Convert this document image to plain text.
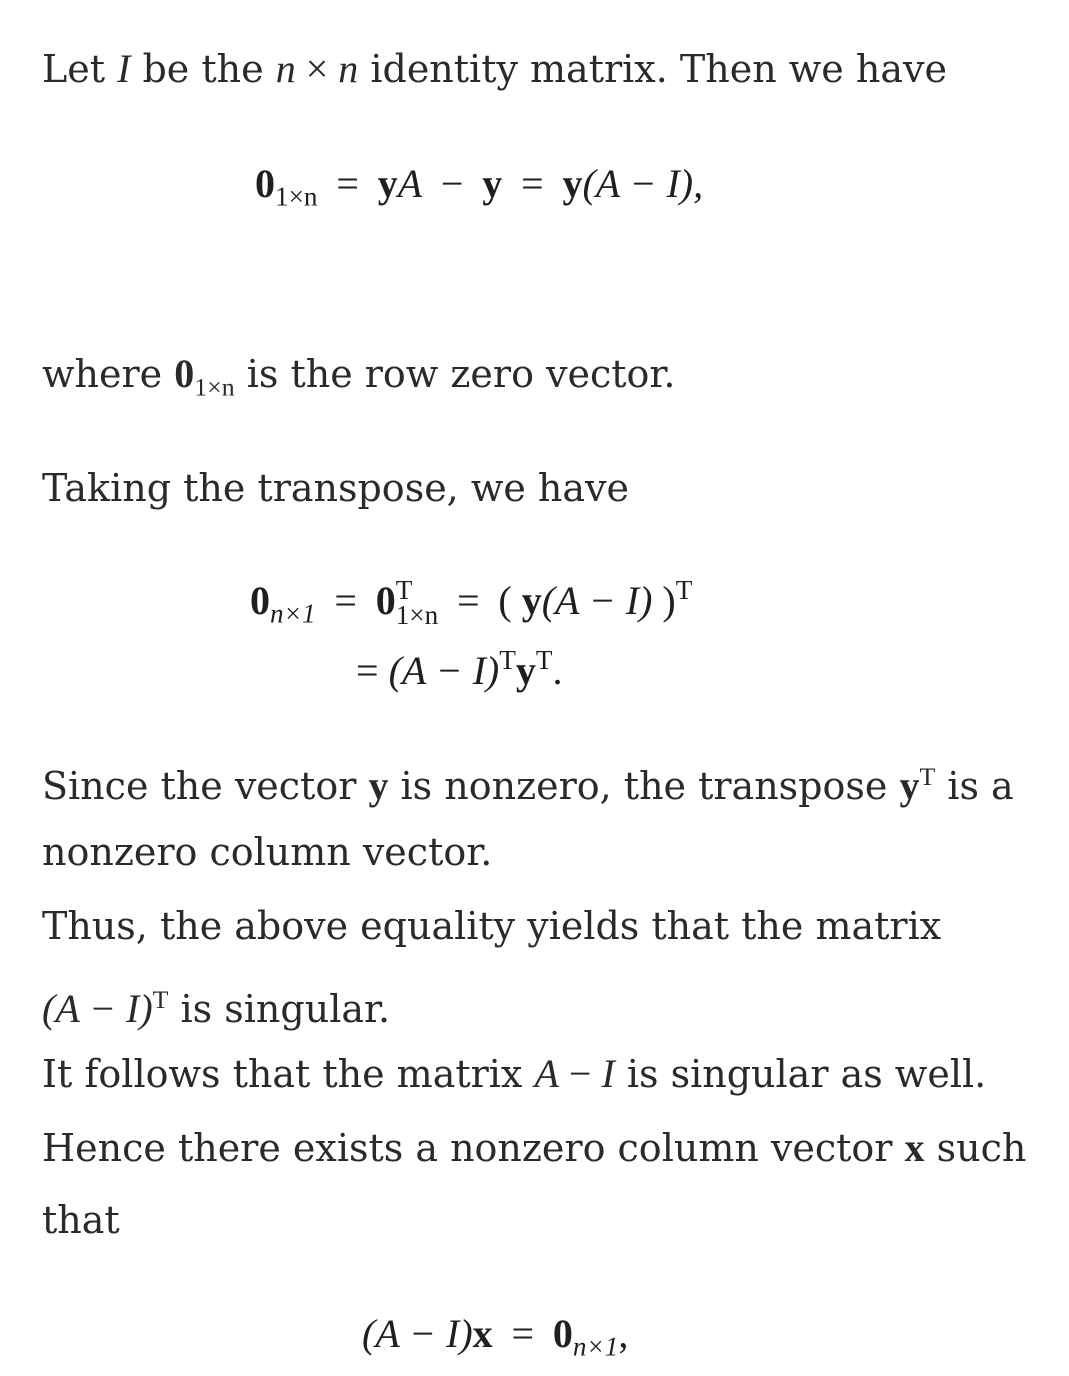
Let I be the n × n identity matrix. Then we have
$0_{1\times n}$ = yA − y = y(A − I),
where $0_{1\times n}$ is the row zero vector.
Taking the transpose, we have
$0_{n\times 1} = 0$ T
1×n = ( y(A − I) )$^T$
= $(A - I)^Ty^T$.
Since the vector y is nonzero, the transpose $y^T$ is a
nonzero column vector.
Thus, the above equality yields that the matrix
$(A - I)^T$ is singular.
It follows that the matrix A − I is singular as well.
Hence there exists a nonzero column vector x such
that
$(A - I)x = 0_{n\times 1}$,
